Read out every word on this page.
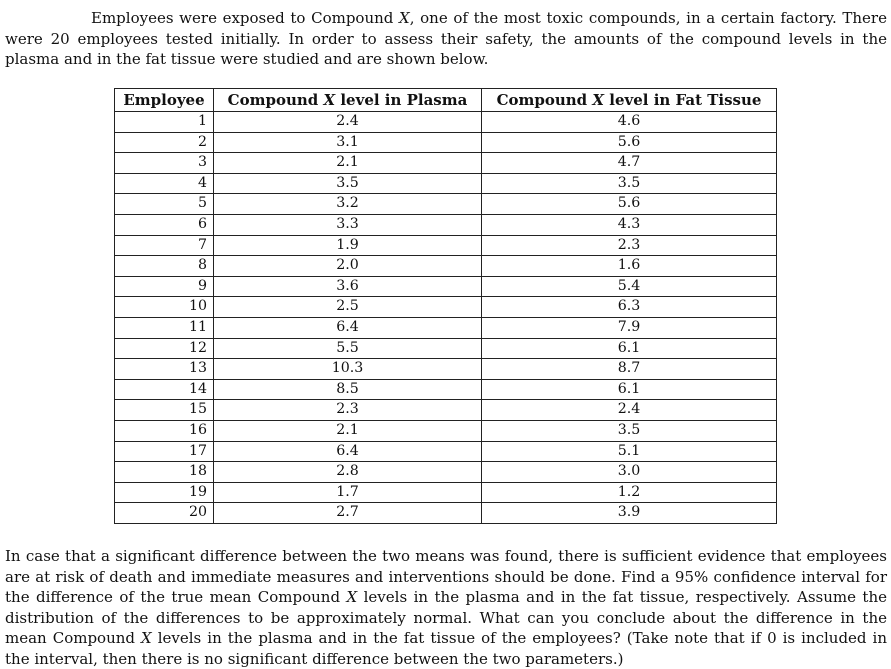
Employees were exposed to Compound X, one of the most toxic compounds, in a certain factory. There were 20 employees tested initially. In order to assess their safety, the amounts of the compound levels in the plasma and in the fat tissue were studied and are shown below.

Employee	Compound X level in Plasma	Compound X level in Fat Tissue
1	2.4	4.6
2	3.1	5.6
3	2.1	4.7
4	3.5	3.5
5	3.2	5.6
6	3.3	4.3
7	1.9	2.3
8	2.0	1.6
9	3.6	5.4
10	2.5	6.3
11	6.4	7.9
12	5.5	6.1
13	10.3	8.7
14	8.5	6.1
15	2.3	2.4
16	2.1	3.5
17	6.4	5.1
18	2.8	3.0
19	1.7	1.2
20	2.7	3.9

In case that a significant difference between the two means was found, there is sufficient evidence that employees are at risk of death and immediate measures and interventions should be done. Find a 95% confidence interval for the difference of the true mean Compound X levels in the plasma and in the fat tissue, respectively. Assume the distribution of the differences to be approximately normal. What can you conclude about the difference in the mean Compound X levels in the plasma and in the fat tissue of the employees? (Take note that if 0 is included in the interval, then there is no significant difference between the two parameters.)
